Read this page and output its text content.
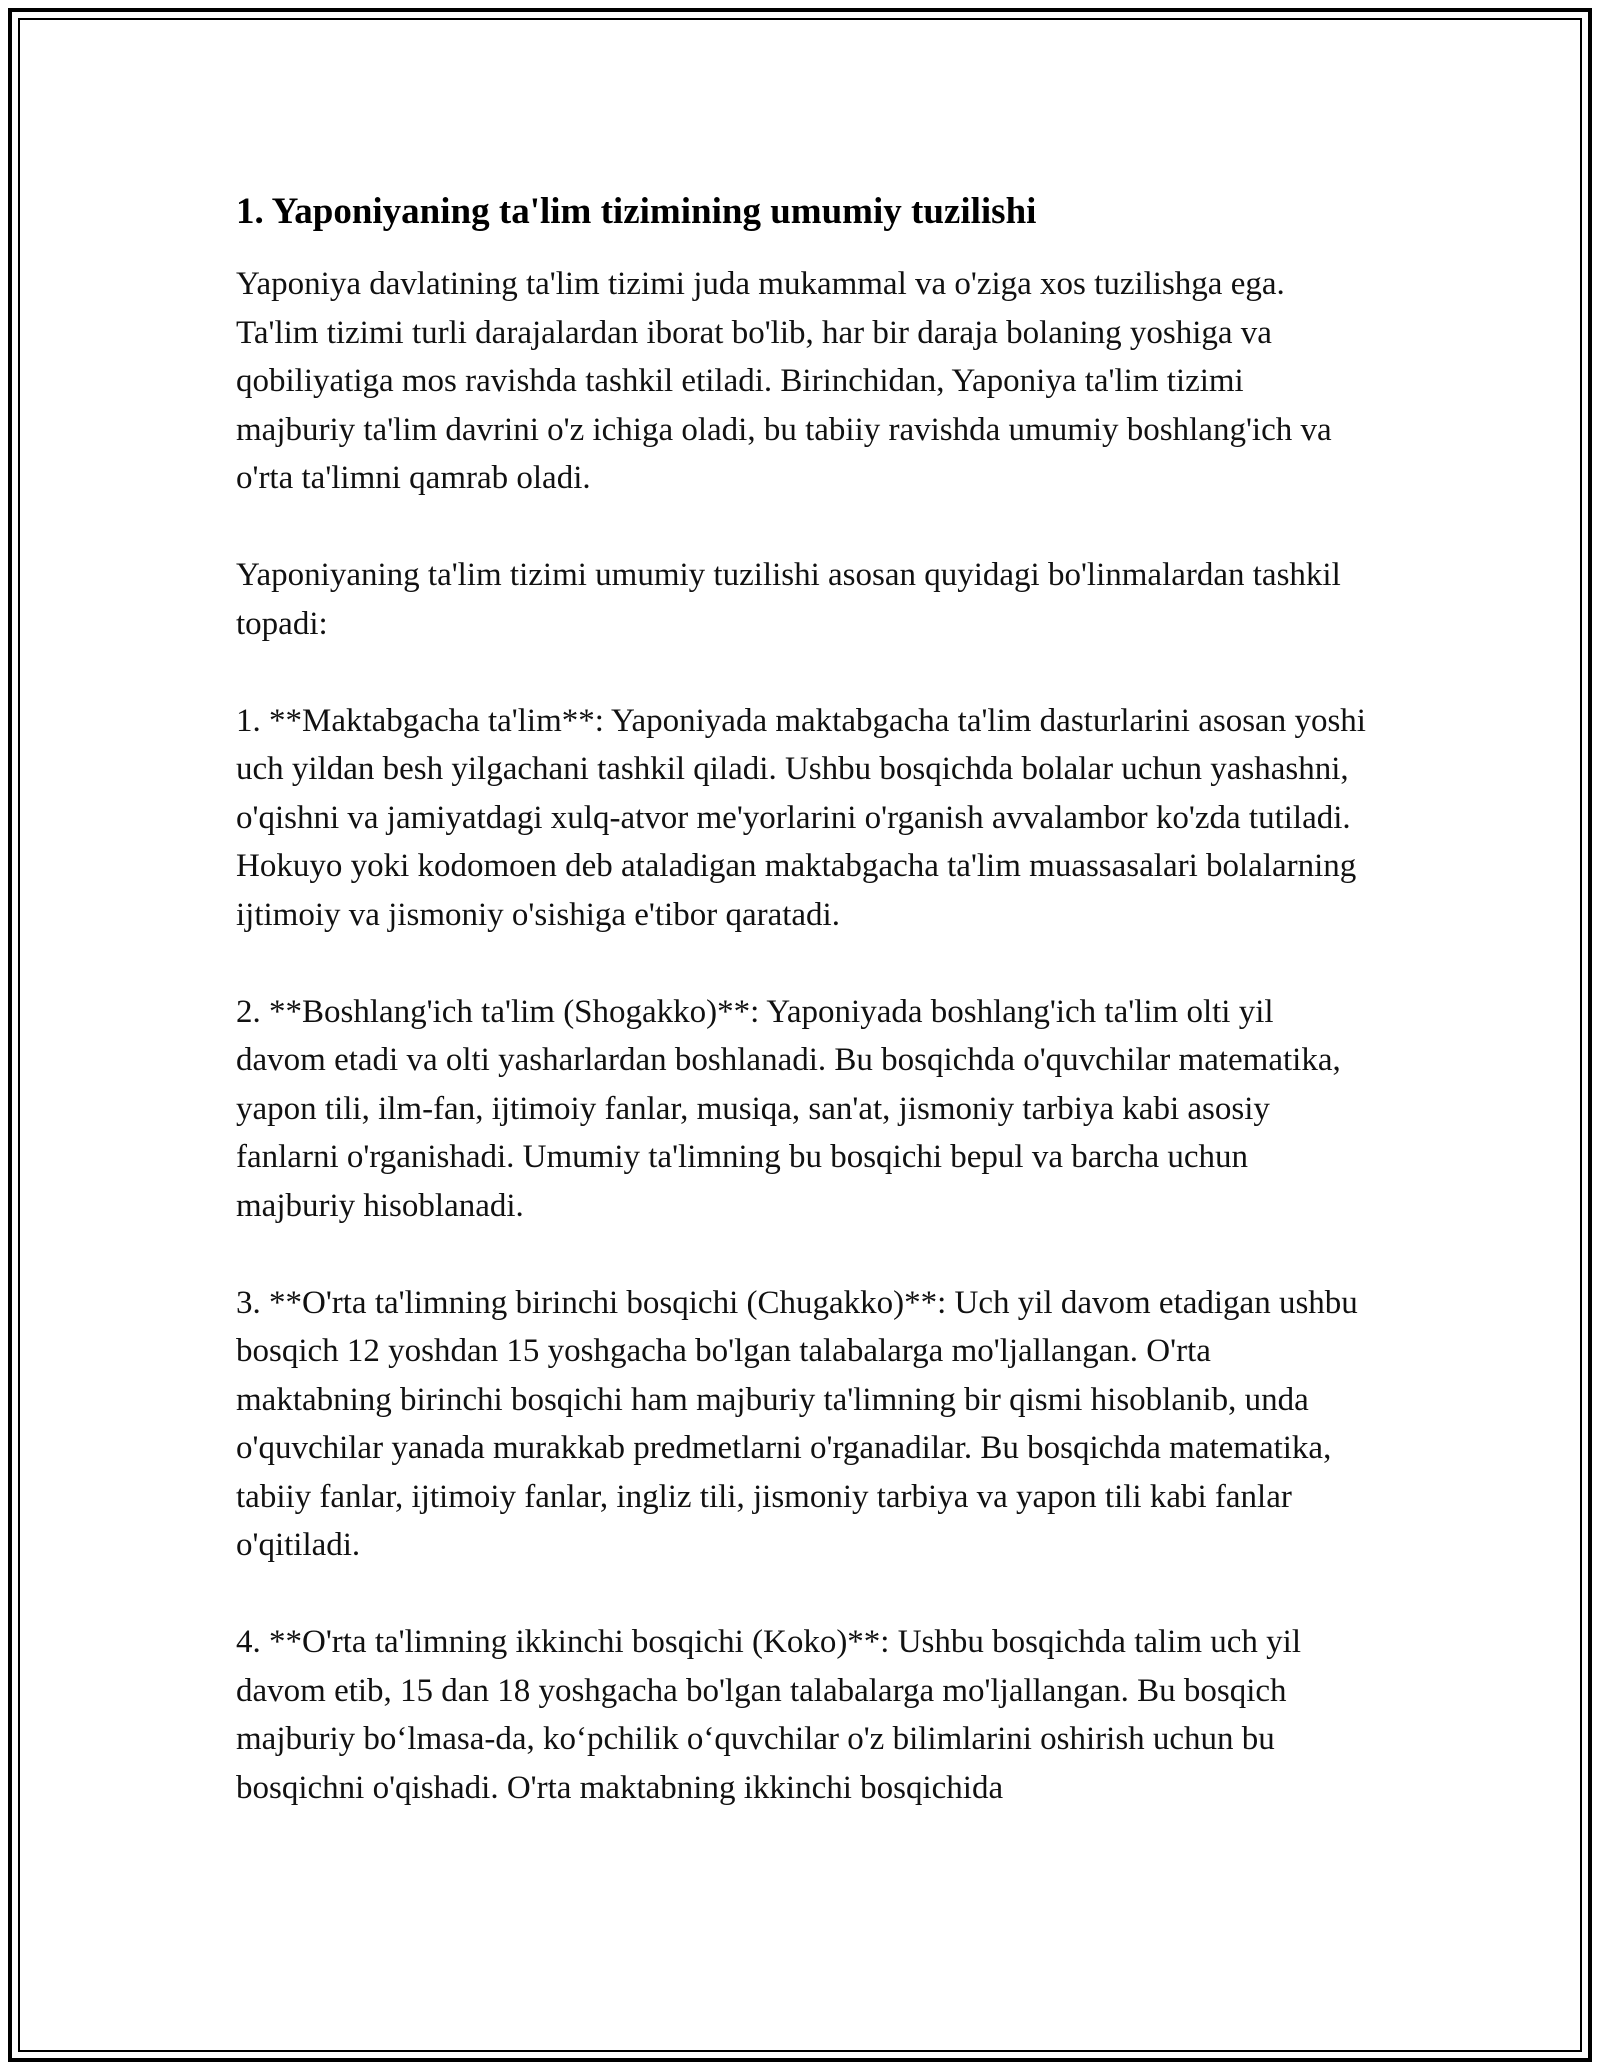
1. Yaponiyaning ta'lim tizimining umumiy tuzilishi

Yaponiya davlatining ta'lim tizimi juda mukammal va o'ziga xos tuzilishga ega. Ta'lim tizimi turli darajalardan iborat bo'lib, har bir daraja bolaning yoshiga va qobiliyatiga mos ravishda tashkil etiladi. Birinchidan, Yaponiya ta'lim tizimi majburiy ta'lim davrini o'z ichiga oladi, bu tabiiy ravishda umumiy boshlang'ich va o'rta ta'limni qamrab oladi.

Yaponiyaning ta'lim tizimi umumiy tuzilishi asosan quyidagi bo'linmalardan tashkil topadi:

1. **Maktabgacha ta'lim**: Yaponiyada maktabgacha ta'lim dasturlarini asosan yoshi uch yildan besh yilgachani tashkil qiladi. Ushbu bosqichda bolalar uchun yashashni, o'qishni va jamiyatdagi xulq-atvor me'yorlarini o'rganish avvalambor ko'zda tutiladi. Hokuyo yoki kodomoen deb ataladigan maktabgacha ta'lim muassasalari bolalarning ijtimoiy va jismoniy o'sishiga e'tibor qaratadi.

2. **Boshlang'ich ta'lim (Shogakko)**: Yaponiyada boshlang'ich ta'lim olti yil davom etadi va olti yasharlardan boshlanadi. Bu bosqichda o'quvchilar matematika, yapon tili, ilm-fan, ijtimoiy fanlar, musiqa, san'at, jismoniy tarbiya kabi asosiy fanlarni o'rganishadi. Umumiy ta'limning bu bosqichi bepul va barcha uchun majburiy hisoblanadi.

3. **O'rta ta'limning birinchi bosqichi (Chugakko)**: Uch yil davom etadigan ushbu bosqich 12 yoshdan 15 yoshgacha bo'lgan talabalarga mo'ljallangan. O'rta maktabning birinchi bosqichi ham majburiy ta'limning bir qismi hisoblanib, unda o'quvchilar yanada murakkab predmetlarni o'rganadilar. Bu bosqichda matematika, tabiiy fanlar, ijtimoiy fanlar, ingliz tili, jismoniy tarbiya va yapon tili kabi fanlar o'qitiladi.

4. **O'rta ta'limning ikkinchi bosqichi (Koko)**: Ushbu bosqichda talim uch yil davom etib, 15 dan 18 yoshgacha bo'lgan talabalarga mo'ljallangan. Bu bosqich majburiy boʻlmasa-da, koʻpchilik oʻquvchilar o'z bilimlarini oshirish uchun bu bosqichni o'qishadi. O'rta maktabning ikkinchi bosqichida
